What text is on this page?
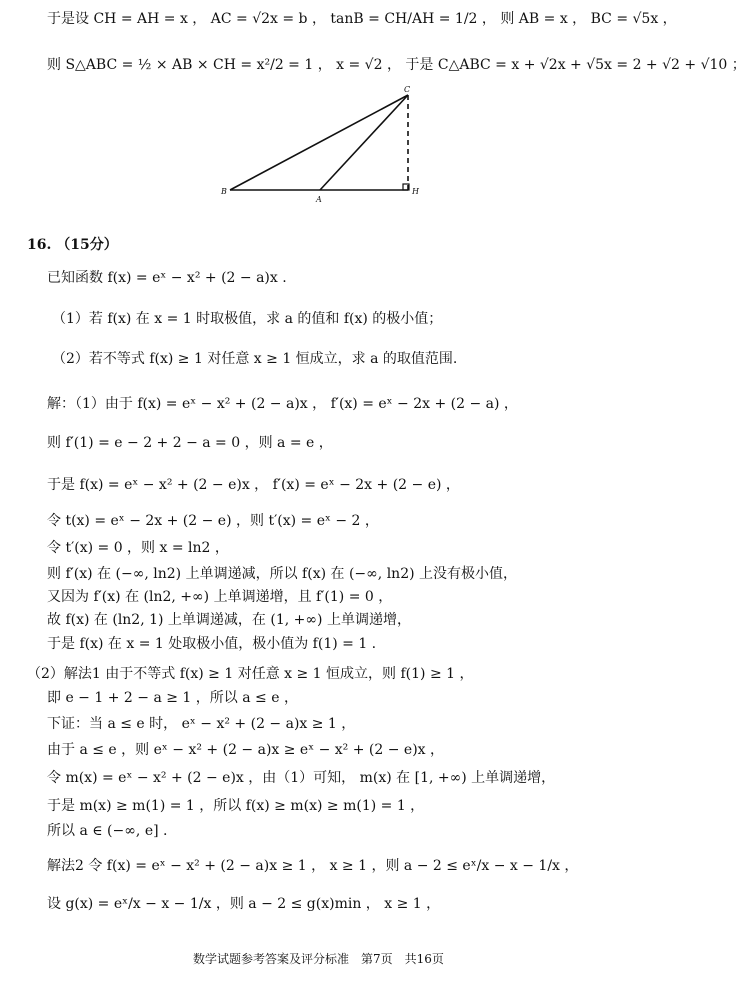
于是设 CH = AH = x ， AC = √2x = b ， tanB = CH/AH = 1/2 ， 则 AB = x ， BC = √5x ，
则 S△ABC = ½ × AB × CH = x²/2 = 1 ， x = √2 ， 于是 C△ABC = x + √2x + √5x = 2 + √2 + √10 ；
C
B
A
H
16. （15分）
已知函数 f(x) = eˣ − x² + (2 − a)x .
（1）若 f(x) 在 x = 1 时取极值，求 a 的值和 f(x) 的极小值；
（2）若不等式 f(x) ≥ 1 对任意 x ≥ 1 恒成立，求 a 的取值范围.
解：（1）由于 f(x) = eˣ − x² + (2 − a)x ， f′(x) = eˣ − 2x + (2 − a) ，
则 f′(1) = e − 2 + 2 − a = 0 ，则 a = e ，
于是 f(x) = eˣ − x² + (2 − e)x ， f′(x) = eˣ − 2x + (2 − e) ，
令 t(x) = eˣ − 2x + (2 − e) ，则 t′(x) = eˣ − 2 ，
令 t′(x) = 0 ，则 x = ln2 ，
则 f′(x) 在 (−∞, ln2) 上单调递减，所以 f(x) 在 (−∞, ln2) 上没有极小值，
又因为 f′(x) 在 (ln2, +∞) 上单调递增，且 f′(1) = 0 ，
故 f(x) 在 (ln2, 1) 上单调递减，在 (1, +∞) 上单调递增，
于是 f(x) 在 x = 1 处取极小值，极小值为 f(1) = 1 .
（2）解法1 由于不等式 f(x) ≥ 1 对任意 x ≥ 1 恒成立，则 f(1) ≥ 1 ，
即 e − 1 + 2 − a ≥ 1 ，所以 a ≤ e ，
下证：当 a ≤ e 时， eˣ − x² + (2 − a)x ≥ 1 ，
由于 a ≤ e ，则 eˣ − x² + (2 − a)x ≥ eˣ − x² + (2 − e)x ，
令 m(x) = eˣ − x² + (2 − e)x ，由（1）可知， m(x) 在 [1, +∞) 上单调递增，
于是 m(x) ≥ m(1) = 1 ，所以 f(x) ≥ m(x) ≥ m(1) = 1 ，
所以 a ∈ (−∞, e] .
解法2 令 f(x) = eˣ − x² + (2 − a)x ≥ 1 ， x ≥ 1 ，则 a − 2 ≤ eˣ/x − x − 1/x ，
设 g(x) = eˣ/x − x − 1/x ，则 a − 2 ≤ g(x)min ， x ≥ 1 ，
数学试题参考答案及评分标准　第7页　共16页
